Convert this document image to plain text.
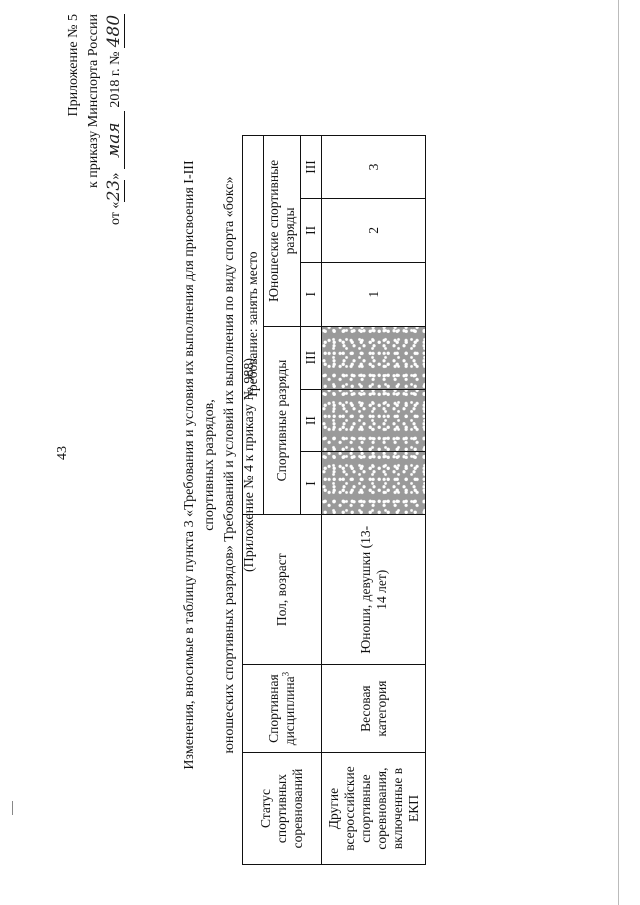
43
Приложение № 5 к приказу Минспорта России
от «23» мая 2018 г. № 480
Изменения, вносимые в таблицу пункта 3 «Требования и условия их выполнения для присвоения I-III спортивных разрядов, юношеских спортивных разрядов» Требований и условий их выполнения по виду спорта «бокс» (Приложение № 4 к приказу № 988)
Статус спортивных соревнований	Спортивная дисциплина$^3$	Пол, возраст	Требование: занять место					
			Спортивные разряды			Юношеские спортивные разряды		
			I	II	III	I	II	III
Другие всероссийские спортивные соревнования, включенные в ЕКП	Весовая категория	Юноши, девушки (13-14 лет)				1	2	3
